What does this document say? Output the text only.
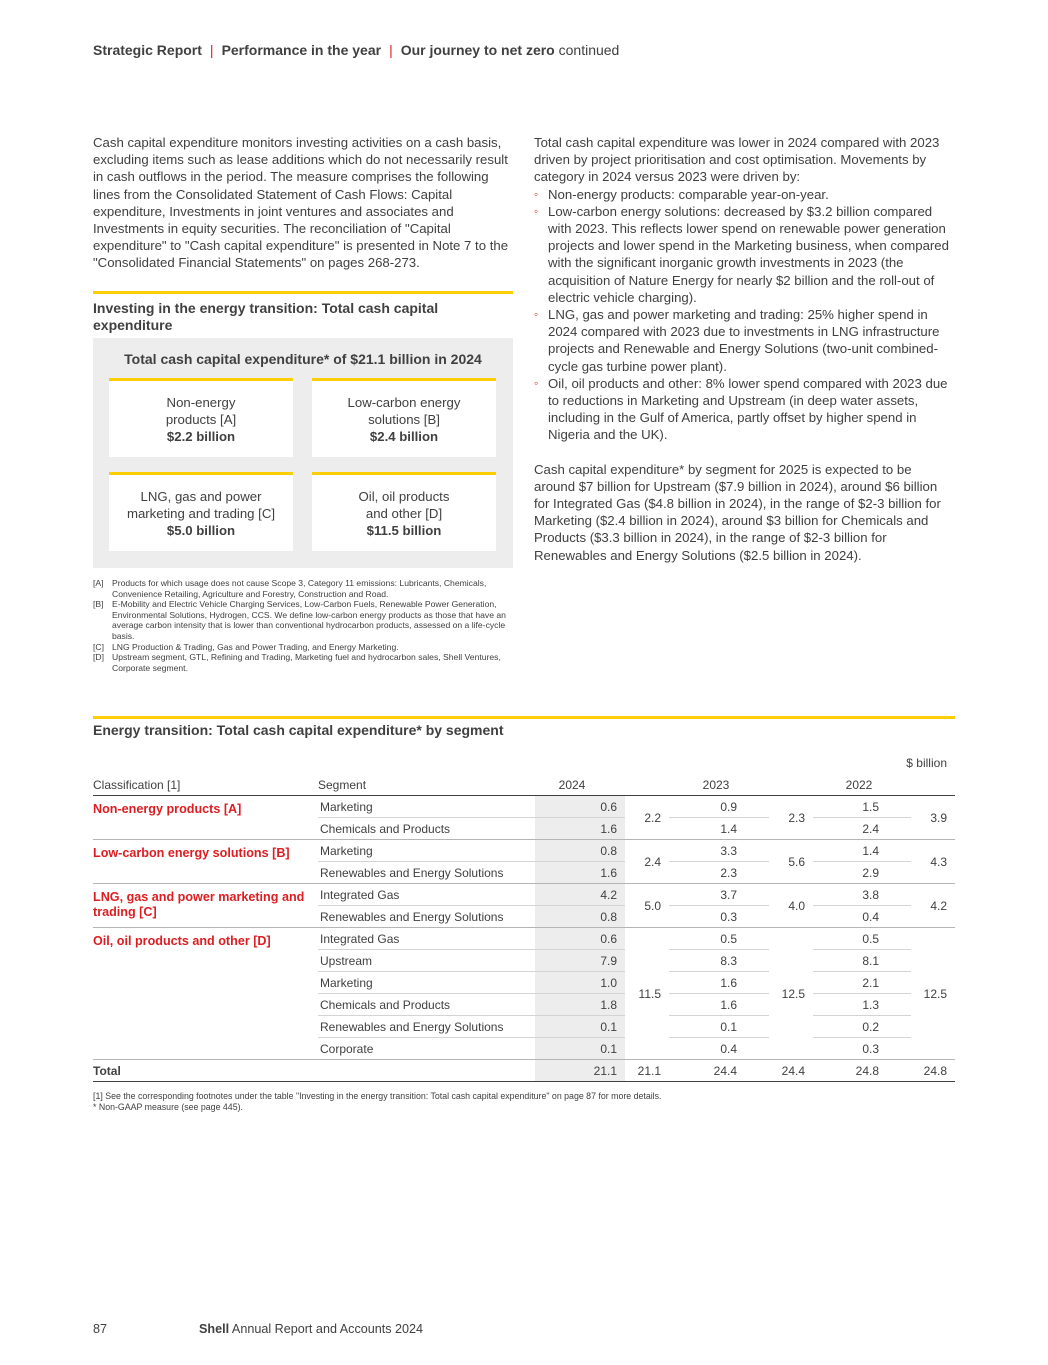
Strategic Report | Performance in the year | Our journey to net zero continued

Cash capital expenditure monitors investing activities on a cash basis, excluding items such as lease additions which do not necessarily result in cash outflows in the period. The measure comprises the following lines from the Consolidated Statement of Cash Flows: Capital expenditure, Investments in joint ventures and associates and Investments in equity securities. The reconciliation of "Capital expenditure" to "Cash capital expenditure" is presented in Note 7 to the "Consolidated Financial Statements" on pages 268-273.

Investing in the energy transition: Total cash capital expenditure
Total cash capital expenditure* of $21.1 billion in 2024
Non-energy products [A]
$2.2 billion
Low-carbon energy solutions [B]
$2.4 billion
LNG, gas and power marketing and trading [C]
$5.0 billion
Oil, oil products and other [D]
$11.5 billion
[A] Products for which usage does not cause Scope 3, Category 11 emissions: Lubricants, Chemicals, Convenience Retailing, Agriculture and Forestry, Construction and Road.
[B] E-Mobility and Electric Vehicle Charging Services, Low-Carbon Fuels, Renewable Power Generation, Environmental Solutions, Hydrogen, CCS. We define low-carbon energy products as those that have an average carbon intensity that is lower than conventional hydrocarbon products, assessed on a life-cycle basis.
[C] LNG Production & Trading, Gas and Power Trading, and Energy Marketing.
[D] Upstream segment, GTL, Refining and Trading, Marketing fuel and hydrocarbon sales, Shell Ventures, Corporate segment.

Total cash capital expenditure was lower in 2024 compared with 2023 driven by project prioritisation and cost optimisation. Movements by category in 2024 versus 2023 were driven by:

◦ Non-energy products: comparable year-on-year.
◦ Low-carbon energy solutions: decreased by $3.2 billion compared with 2023. This reflects lower spend on renewable power generation projects and lower spend in the Marketing business, when compared with the significant inorganic growth investments in 2023 (the acquisition of Nature Energy for nearly $2 billion and the roll-out of electric vehicle charging).
◦ LNG, gas and power marketing and trading: 25% higher spend in 2024 compared with 2023 due to investments in LNG infrastructure projects and Renewable and Energy Solutions (two-unit combined-cycle gas turbine power plant).
◦ Oil, oil products and other: 8% lower spend compared with 2023 due to reductions in Marketing and Upstream (in deep water assets, including in the Gulf of America, partly offset by higher spend in Nigeria and the UK).

Cash capital expenditure* by segment for 2025 is expected to be around $7 billion for Upstream ($7.9 billion in 2024), around $6 billion for Integrated Gas ($4.8 billion in 2024), in the range of $2-3 billion for Marketing ($2.4 billion in 2024), around $3 billion for Chemicals and Products ($3.3 billion in 2024), in the range of $2-3 billion for Renewables and Energy Solutions ($2.5 billion in 2024).

Energy transition: Total cash capital expenditure* by segment
$ billion
Classification [1]	Segment	2024		2023		2022	
Non-energy products [A]	Marketing	0.6	2.2	0.9	2.3	1.5	3.9
	Chemicals and Products	1.6		1.4		2.4	
Low-carbon energy solutions [B]	Marketing	0.8	2.4	3.3	5.6	1.4	4.3
	Renewables and Energy Solutions	1.6		2.3		2.9	
LNG, gas and power marketing and trading [C]	Integrated Gas	4.2	5.0	3.7	4.0	3.8	4.2
	Renewables and Energy Solutions	0.8		0.3		0.4	
Oil, oil products and other [D]	Integrated Gas	0.6	11.5	0.5	12.5	0.5	12.5
	Upstream	7.9		8.3		8.1	
	Marketing	1.0		1.6		2.1	
	Chemicals and Products	1.8		1.6		1.3	
	Renewables and Energy Solutions	0.1		0.1		0.2	
	Corporate	0.1		0.4		0.3	
Total		21.1	21.1	24.4	24.4	24.8	24.8
[1] See the corresponding footnotes under the table "Investing in the energy transition: Total cash capital expenditure" on page 87 for more details.
* Non-GAAP measure (see page 445).
87	Shell Annual Report and Accounts 2024
